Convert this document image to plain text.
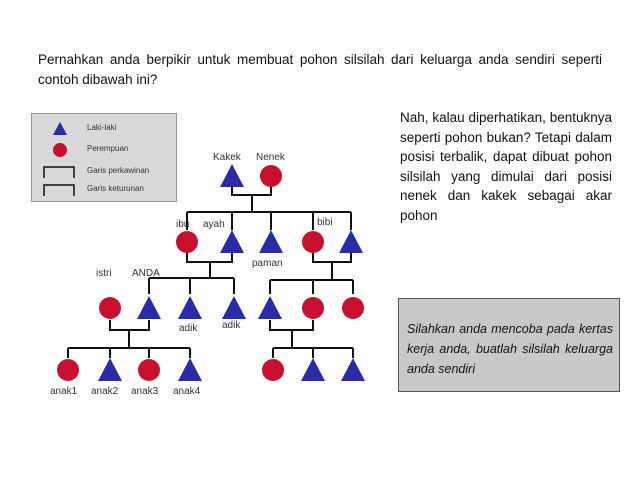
Pernahkan anda berpikir untuk membuat pohon silsilah dari keluarga anda sendiri seperti contoh dibawah ini?
Laki-laki
Perempuan
Garis perkawinan
Garis keturunan
Kakek Nenek
ibu ayah	bibi
paman
istri ANDA
adik adik
anak1 anak2 anak3 anak4
Nah, kalau diperhatikan, bentuknya seperti pohon bukan? Tetapi dalam posisi terbalik, dapat dibuat pohon silsilah yang dimulai dari posisi nenek dan kakek sebagai akar pohon
Silahkan anda mencoba pada kertas kerja anda, buatlah silsilah keluarga anda sendiri
